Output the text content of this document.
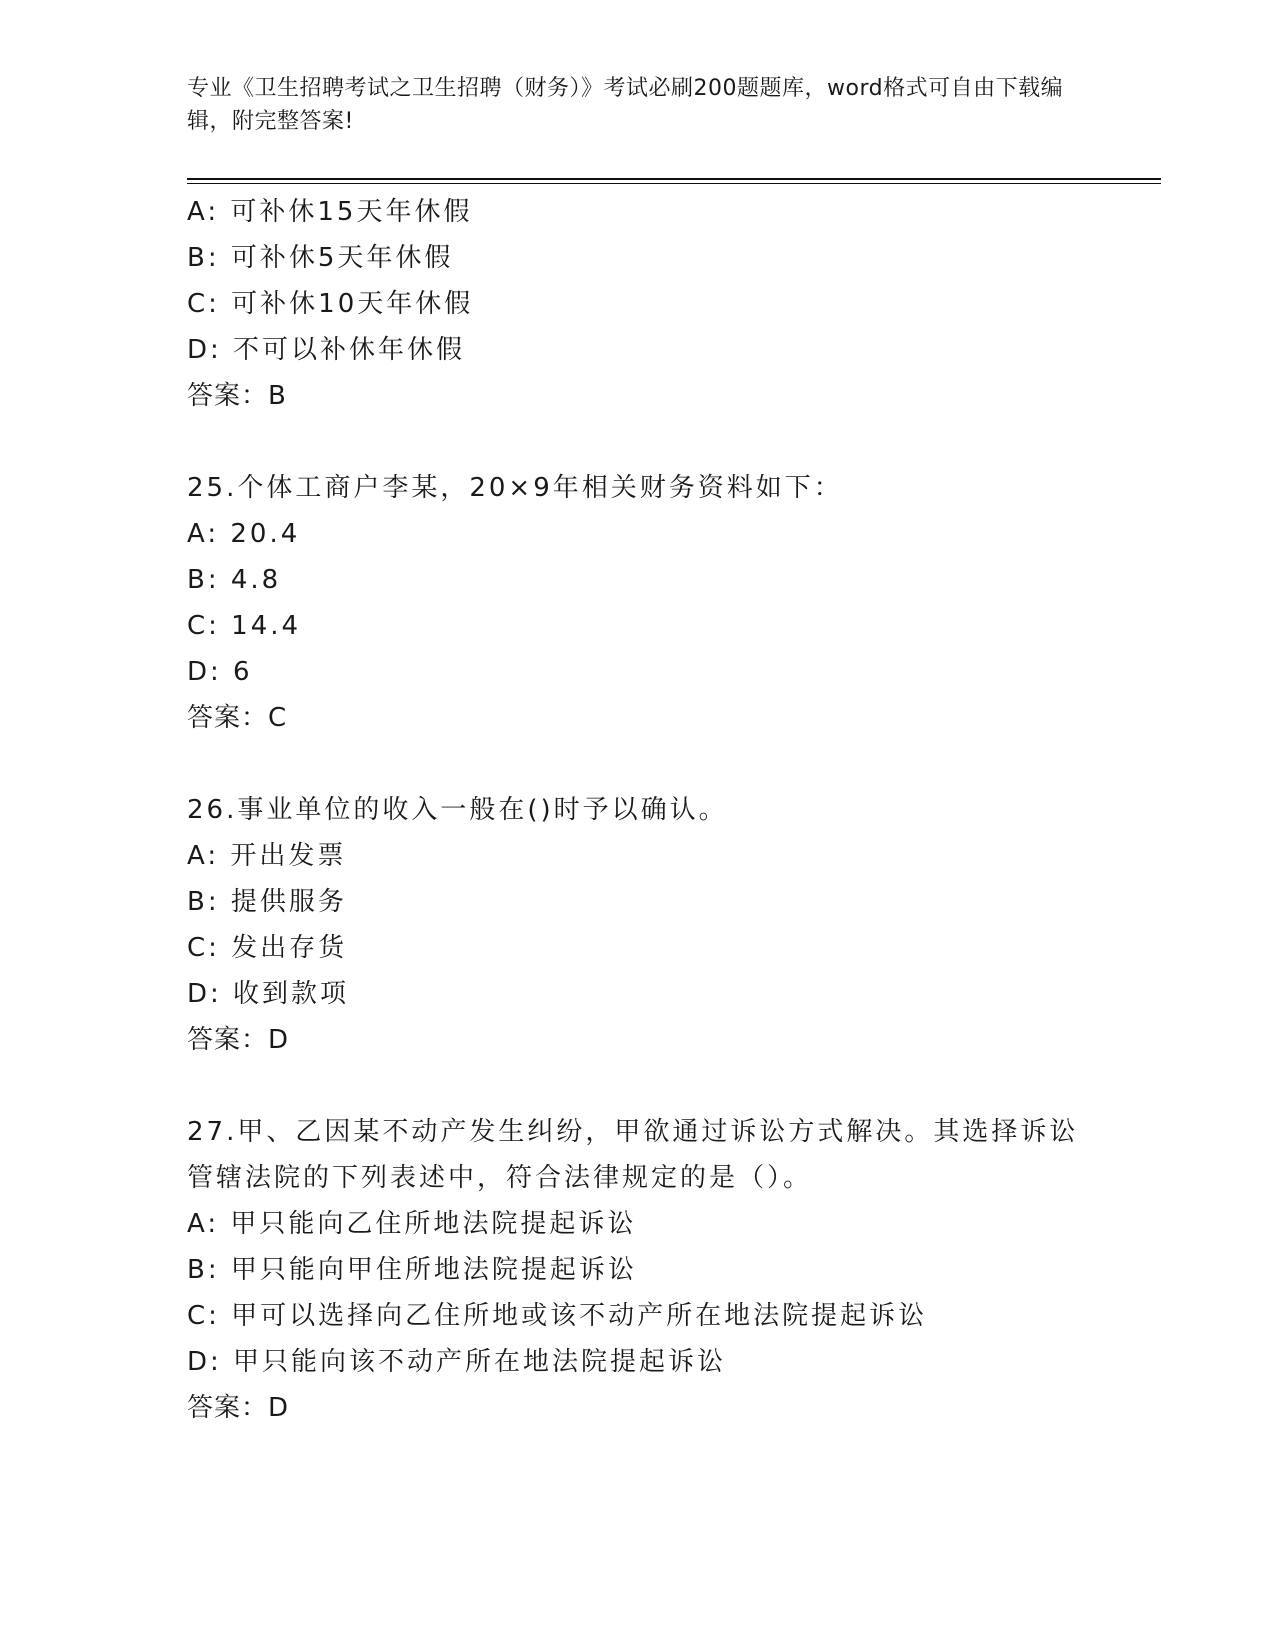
专业《卫生招聘考试之卫生招聘（财务）》考试必刷200题题库，word格式可自由下载编辑，附完整答案!
A: 可补休15天年休假
B: 可补休5天年休假
C: 可补休10天年休假
D: 不可以补休年休假
答案：B
25.个体工商户李某，20×9年相关财务资料如下：
A: 20.4
B: 4.8
C: 14.4
D: 6
答案：C
26.事业单位的收入一般在()时予以确认。
A: 开出发票
B: 提供服务
C: 发出存货
D: 收到款项
答案：D
27.甲、乙因某不动产发生纠纷，甲欲通过诉讼方式解决。其选择诉讼
管辖法院的下列表述中，符合法律规定的是（）。
A: 甲只能向乙住所地法院提起诉讼
B: 甲只能向甲住所地法院提起诉讼
C: 甲可以选择向乙住所地或该不动产所在地法院提起诉讼
D: 甲只能向该不动产所在地法院提起诉讼
答案：D
